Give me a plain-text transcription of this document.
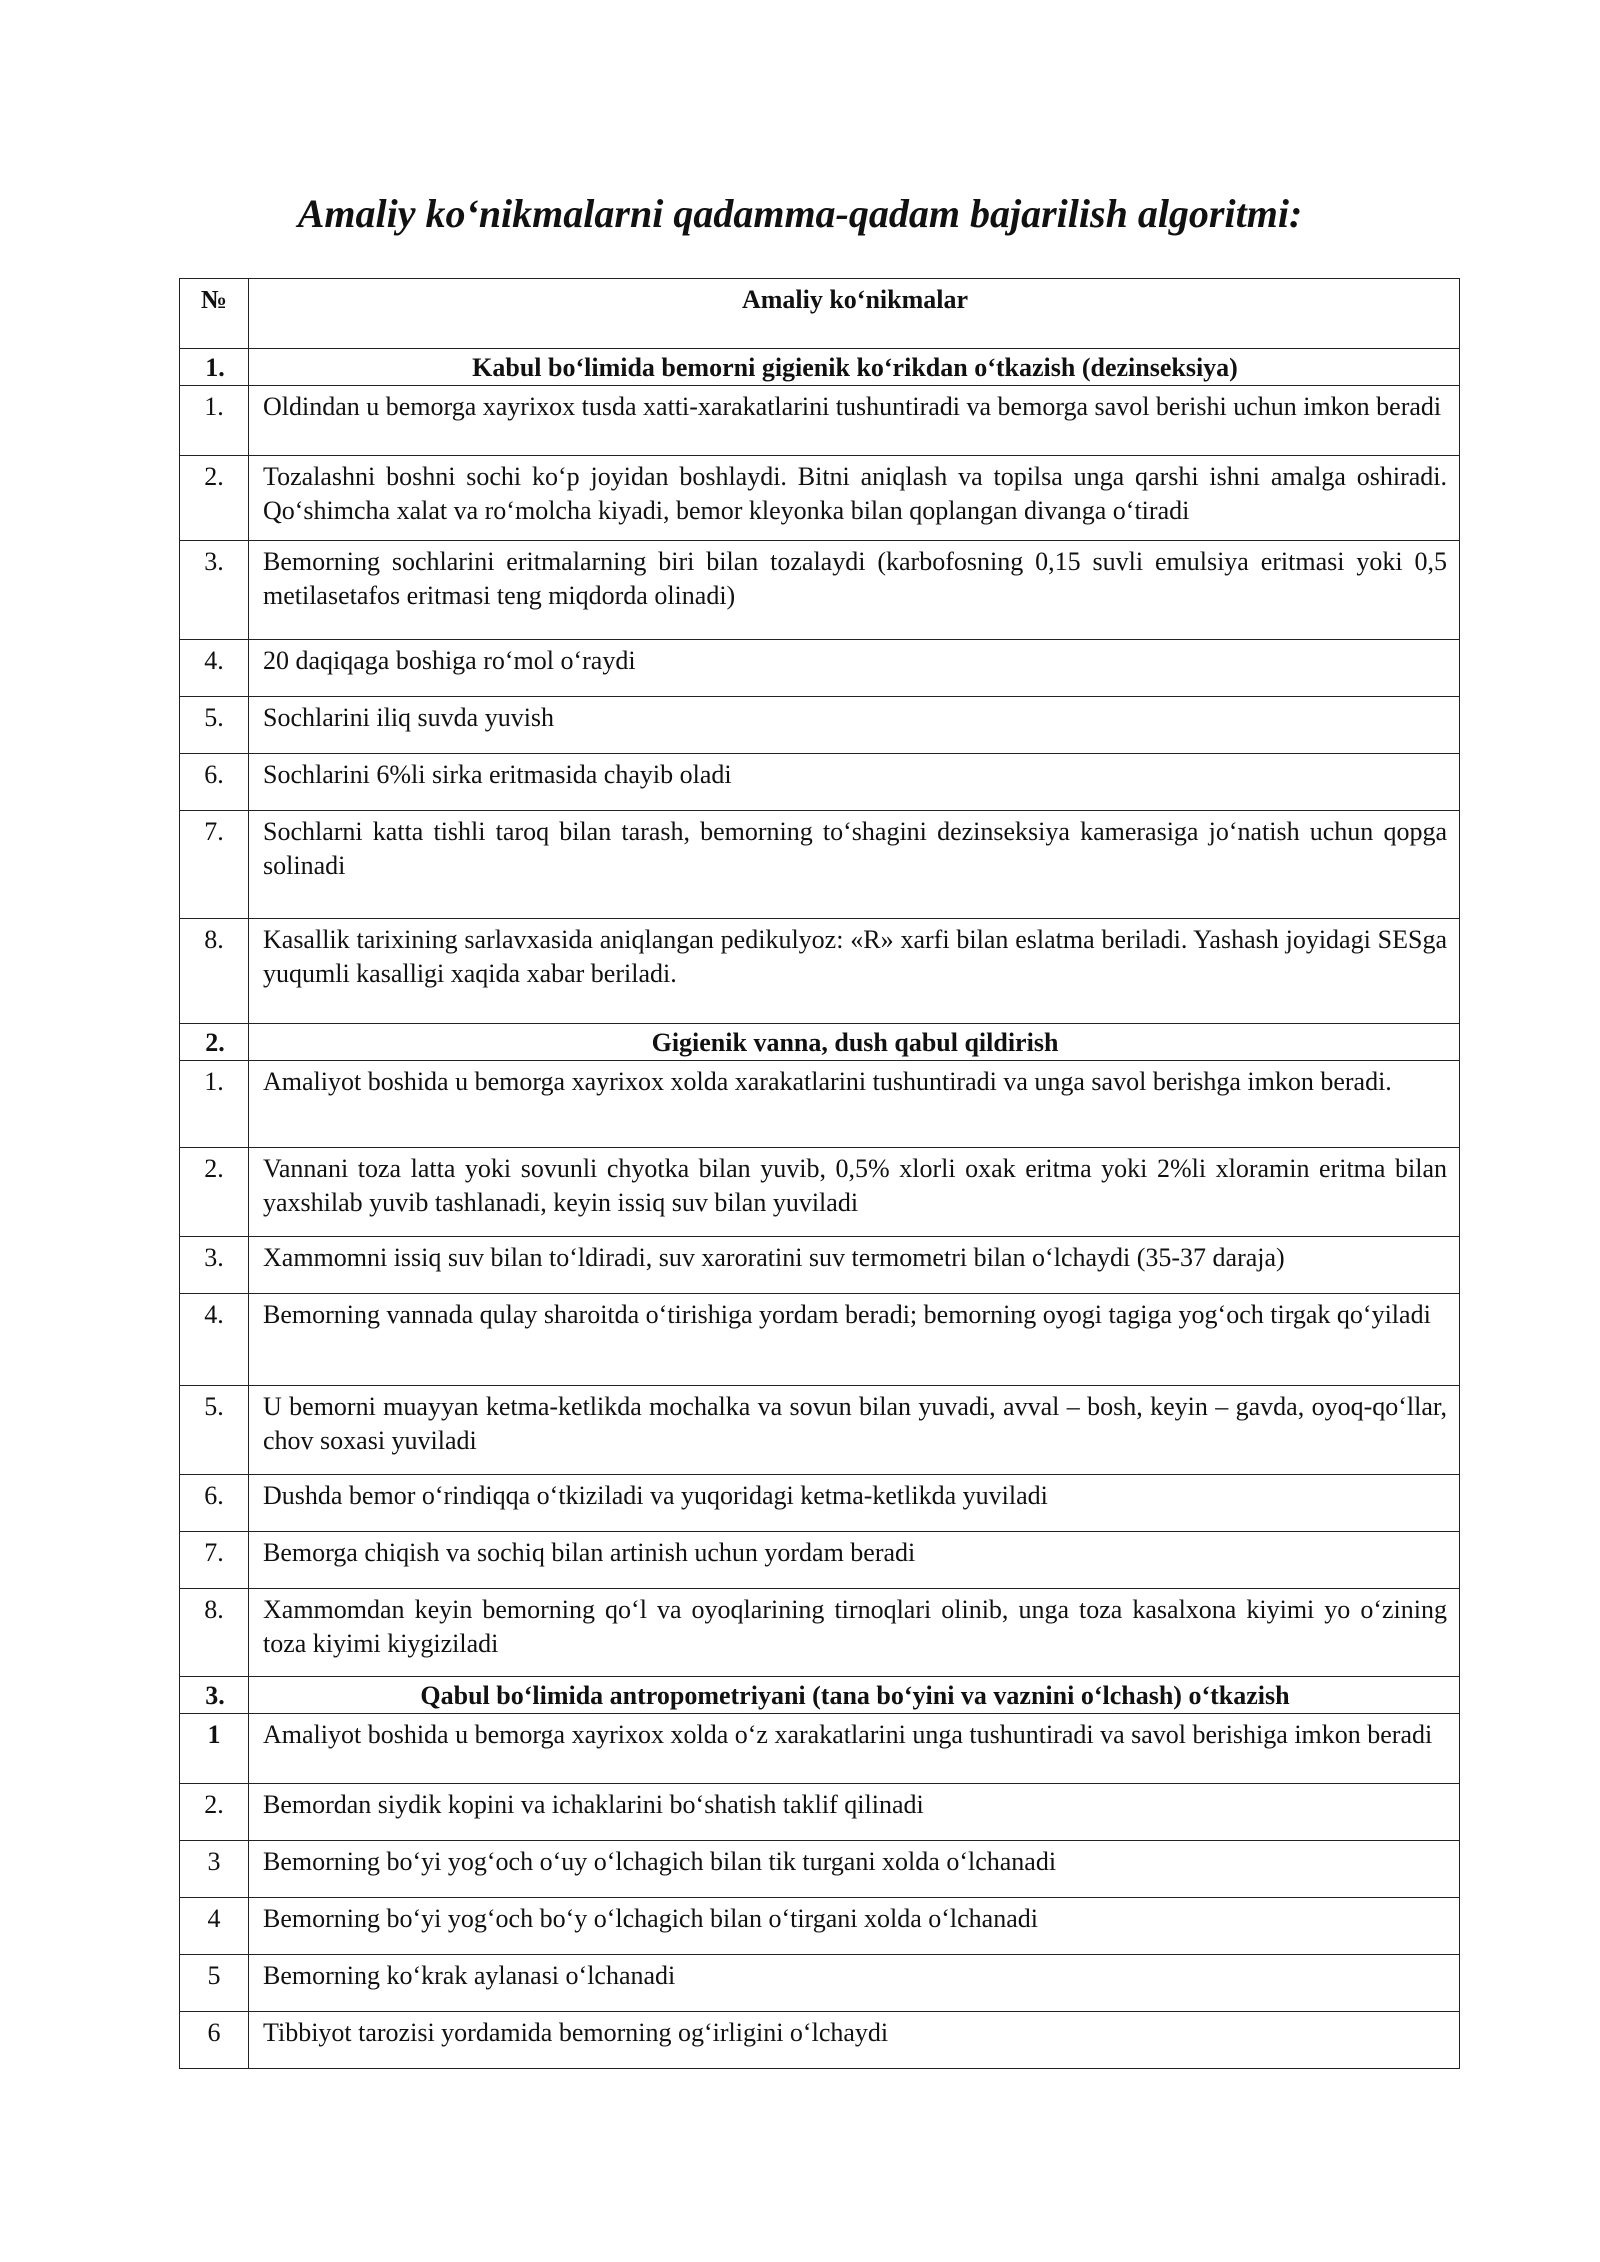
Amaliy ko‘nikmalarni qadamma-qadam bajarilish algoritmi:
№	Amaliy ko‘nikmalar
1.	Kabul bo‘limida bemorni gigienik ko‘rikdan o‘tkazish (dezinseksiya)
1.	Oldindan u bemorga xayrixox tusda xatti-xarakatlarini tushuntiradi va bemorga savol berishi uchun imkon beradi
2.	Tozalashni boshni sochi ko‘p joyidan boshlaydi. Bitni aniqlash va topilsa unga qarshi ishni amalga oshiradi. Qo‘shimcha xalat va ro‘molcha kiyadi, bemor kleyonka bilan qoplangan divanga o‘tiradi
3.	Bemorning sochlarini eritmalarning biri bilan tozalaydi (karbofosning 0,15 suvli emulsiya eritmasi yoki 0,5 metilasetafos eritmasi teng miqdorda olinadi)
4.	20 daqiqaga boshiga ro‘mol o‘raydi
5.	Sochlarini iliq suvda yuvish
6.	Sochlarini 6%li sirka eritmasida chayib oladi
7.	Sochlarni katta tishli taroq bilan tarash, bemorning to‘shagini dezinseksiya kamerasiga jo‘natish uchun qopga solinadi
8.	Kasallik tarixining sarlavxasida aniqlangan pedikulyoz: «R» xarfi bilan eslatma beriladi. Yashash joyidagi SESga yuqumli kasalligi xaqida xabar beriladi.
2.	Gigienik vanna, dush qabul qildirish
1.	Amaliyot boshida u bemorga xayrixox xolda xarakatlarini tushuntiradi va unga savol berishga imkon beradi.
2.	Vannani toza latta yoki sovunli chyotka bilan yuvib, 0,5% xlorli oxak eritma yoki 2%li xloramin eritma bilan yaxshilab yuvib tashlanadi, keyin issiq suv bilan yuviladi
3.	Xammomni issiq suv bilan to‘ldiradi, suv xaroratini suv termometri bilan o‘lchaydi (35-37 daraja)
4.	Bemorning vannada qulay sharoitda o‘tirishiga yordam beradi; bemorning oyogi tagiga yog‘och tirgak qo‘yiladi
5.	U bemorni muayyan ketma-ketlikda mochalka va sovun bilan yuvadi, avval – bosh, keyin – gavda, oyoq-qo‘llar, chov soxasi yuviladi
6.	Dushda bemor o‘rindiqqa o‘tkiziladi va yuqoridagi ketma-ketlikda yuviladi
7.	Bemorga chiqish va sochiq bilan artinish uchun yordam beradi
8.	Xammomdan keyin bemorning qo‘l va oyoqlarining tirnoqlari olinib, unga toza kasalxona kiyimi yo o‘zining toza kiyimi kiygiziladi
3.	Qabul bo‘limida antropometriyani (tana bo‘yini va vaznini o‘lchash) o‘tkazish
1	Amaliyot boshida u bemorga xayrixox xolda o‘z xarakatlarini unga tushuntiradi va savol berishiga imkon beradi
2.	Bemordan siydik kopini va ichaklarini bo‘shatish taklif qilinadi
3	Bemorning bo‘yi yog‘och o‘uy o‘lchagich bilan tik turgani xolda o‘lchanadi
4	Bemorning bo‘yi yog‘och bo‘y o‘lchagich bilan o‘tirgani xolda o‘lchanadi
5	Bemorning ko‘krak aylanasi o‘lchanadi
6	Tibbiyot tarozisi yordamida bemorning og‘irligini o‘lchaydi
